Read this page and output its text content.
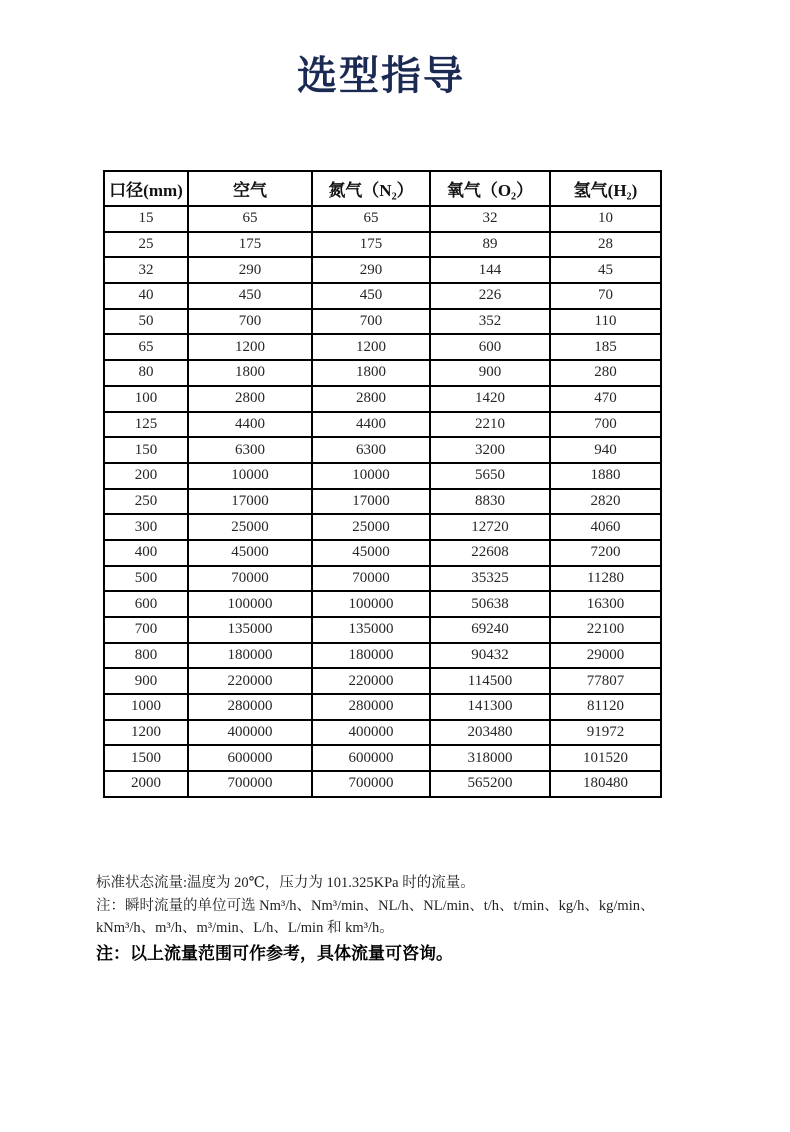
选型指导
口径(mm)	空气	氮气（N₂）	氧气（O₂）	氢气(H₂)
15	65	65	32	10
25	175	175	89	28
32	290	290	144	45
40	450	450	226	70
50	700	700	352	110
65	1200	1200	600	185
80	1800	1800	900	280
100	2800	2800	1420	470
125	4400	4400	2210	700
150	6300	6300	3200	940
200	10000	10000	5650	1880
250	17000	17000	8830	2820
300	25000	25000	12720	4060
400	45000	45000	22608	7200
500	70000	70000	35325	11280
600	100000	100000	50638	16300
700	135000	135000	69240	22100
800	180000	180000	90432	29000
900	220000	220000	114500	77807
1000	280000	280000	141300	81120
1200	400000	400000	203480	91972
1500	600000	600000	318000	101520
2000	700000	700000	565200	180480

标准状态流量:温度为 20℃，压力为 101.325KPa 时的流量。

注：瞬时流量的单位可选 Nm³/h、Nm³/min、NL/h、NL/min、t/h、t/min、kg/h、kg/min、

kNm³/h、m³/h、m³/min、L/h、L/min 和 km³/h。

注：以上流量范围可作参考，具体流量可咨询。
